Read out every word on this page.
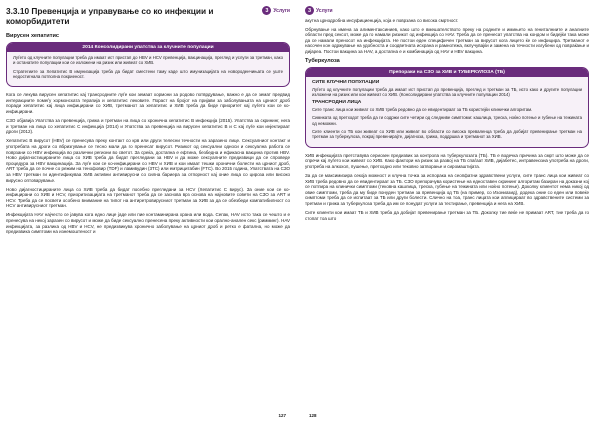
3.3.10 Превенција и управување со ко инфекции и коморбидитети
3 Услуги
Вирусен хепатитис
2014 Консолидирани упатства за клучните популации

Луѓето од клучните популации треба да имаат ист пристап до HBV и HCV превенција, вакцинација, преглед и услуги за третман, како и останатите популации кои се изложени на ризик или живеат со ХИВ.

Стратегиите за Хепатитис В имунизација треба да бидат сместени таму каде што имунизацијата на новороденчињата се уште недостигнала потполна покриеност.

Кога се лекува вирусен хепатитис кај трансродните луѓе кои земаат хормони за родово потврдување, важно е да се земат предвид интеракциите помеѓу хормонската терапија и хепатитис лековите. Пораст на бројот на пријави за заболувањата на црниот дроб поради хепатитис кај лица инфицирани со ХИВ, третманот за хепатитис и ХИВ треба да биде приоритет кај луѓето кои се ко-инфицирани.

СЗО објавија Упатства за превенција, грижа и третман на лица со хронична хепатитис В инфекција (2015). Упатства за скрининг, нега и третман на лица со хепатитис С инфекција (2014) и Упатства за превенција на вирусен хепатитис В и С кај луѓе кои инјектираат дроги (2012).

Хепатитис В вирусот (HBV) се пренесува преку контакт со крв или други телесни течности на заразено лице. Сексуалниот контакт и употребата на дроги со вбризгување се тесно мали да го пренесат вирусот. Ризикот од сексуални односи и сексуална работа се поврзани со HBV инфекција во различни региони во светот. За среќа, достапна е ефтина, безбедна и ефикасна вакцина против HBV. Ново дијагностицираните лица со ХИВ треба да бидат прегледани за HBV и да може сексуалните предизвици да се спроведе процедура за HBV вакцинација. За луѓе кои се ко-инфицирани со HBV и ХИВ и кои имаат тешки хронични болести на црниот дроб, ART треба да се почне со режим на тенофовир (TDF) и ламивудин (3TC) или емтрицитабин (FTC). Во 2015 година, Упатствата на СЗО за HBV третман ги идентификуваа ХИВ активни антивирусни со силна бариера за отпорност кај оние лица со цироза или високо вирусно оптоварување.

Ново дијагностицираните лица со ХИВ треба да бидат посебно прегледани за HCV (Хепатитис С вирус). За оние кои се ко-инфицирани со ХИВ и HCV, приоритизацијата на третманот треба да се заснова врз основа на најновите совети на СЗО за ART и HCV. Треба да се посвети особено внимание на типот на антиретровирусниот третман за ХИВ за да се обезбеди компатибилност со HCV антивирусниот третман.

Инфекцијата HAV најчесто се јавува кога едно лице јаде или пие контаминирана храна или вода. Сепак, HAV исто така се чешто и е пренесува на некој заразен со вирусот и може да биде сексуално пренесена преку активности кои орално-анален секс (римминг). HAV инфекцијата, за разлика од HBV и HCV, не предизвикува хронично заболување на црниот дроб и ретко е фатална, но може да предизвика симптоми на изнемоштеност и

127
3 Услуги

акутна црнодробна инсуфициенција, која е поврзана со висока смртност.

Обрнување на имена за алиментаксиниев, како што е вмешателството преку на родните и имињето на гениталниите и аналните области пред сексот, може да го намали ризикот од инфекција со HAV. Треба да се пренесат упатства на кондом и бидејќи така може да се намали преносот на инфекцијата. Не постои еден специфичен третман за вирусот кога лицето ќе се инфицира. Третманот е насочен кон одржување на удобноста и соодветната исхрана и рамнотежа, вклучувајќи и замена на течности изгубени од повраќање и дијареа. Постои вакцина за HAV, а достапна е и комбинација од HAV и HBV вакцина.

Туберкулоза
Препораки на СЗО за ХИВ и ТУБЕРКУЛОЗА (ТБ)
СИТЕ КЛУЧНИ ПОПУЛАЦИИ

Луѓето од клучните популации треба да имаат ист пристап до превенција, преглед и третман за ТБ, исто како и другите популации изложени на ризик или кои живеат со ХИВ. (Консолидирани упатства за клучните популации 2014)

ТРАНСРОДНИ ЛИЦА

Сите транс лица кои живеат со ХИВ треба редовно да се евидентираат за ТБ користејќи клинички алгоритам.

Симнката од претходот треба да ги содржи сите четири од следниве симптоми: кашлица, треска, ноќно потење и губење на тежината од неможни.

Сите клиенти со ТБ кои живеат со ХИВ или живеат во области со висока преваленца треба да добијат превенирање третман на третман за туберкулоза, покрај превенирајте, дијагноза, грижа, поддршка и третманот за ХИВ.

ХИВ инфекцијата претставува сериозен предизвик за контрола на туберкулозата (ТБ). ТБ е водечка причина за смрт што може да се спречи кај луѓето кои живеат со ХИВ. Како фактори на ризик за развој на ТБ спаѓаат ХИВ, дијабетес, интравенозна употреба на дроги, употреба на алкохол, пушење, претходно или тековно затворање и сиромаштијата.

За да се максимизира секоја можност и клучна точка за испорака на сеопфатни здравствени услуги, сите транс лица кои живеат со ХИВ треба редовно да се евидентираат за ТБ. СЗО препорачува користење на едноставен скрининг алгоритам базиран на доказни кој се потпира на клинички симптоми (тековна кашлица, треска, губење на тежината или ноќно потење). Доколку клиентот нема никој од овие симптоми, треба да му биде понуден третман за превенција од ТБ (на пример, со Изониазид), додека оние со еден или повеќе симптоми треба да се испитаат за ТБ или други болести. Сличнo на тоа, транс лицата кои аплицираат во здравствените системи за третман и грижа за туберкулоза треба да им се понудат услуги за тестирање, превенција и нега на ХИВ.

Сите клиенти кои имаат ТБ и ХИВ треба да добијат превенирање третман за ТБ. Доколку тие веќе не примаат ART, тие треба да го стопат тоа што

128
